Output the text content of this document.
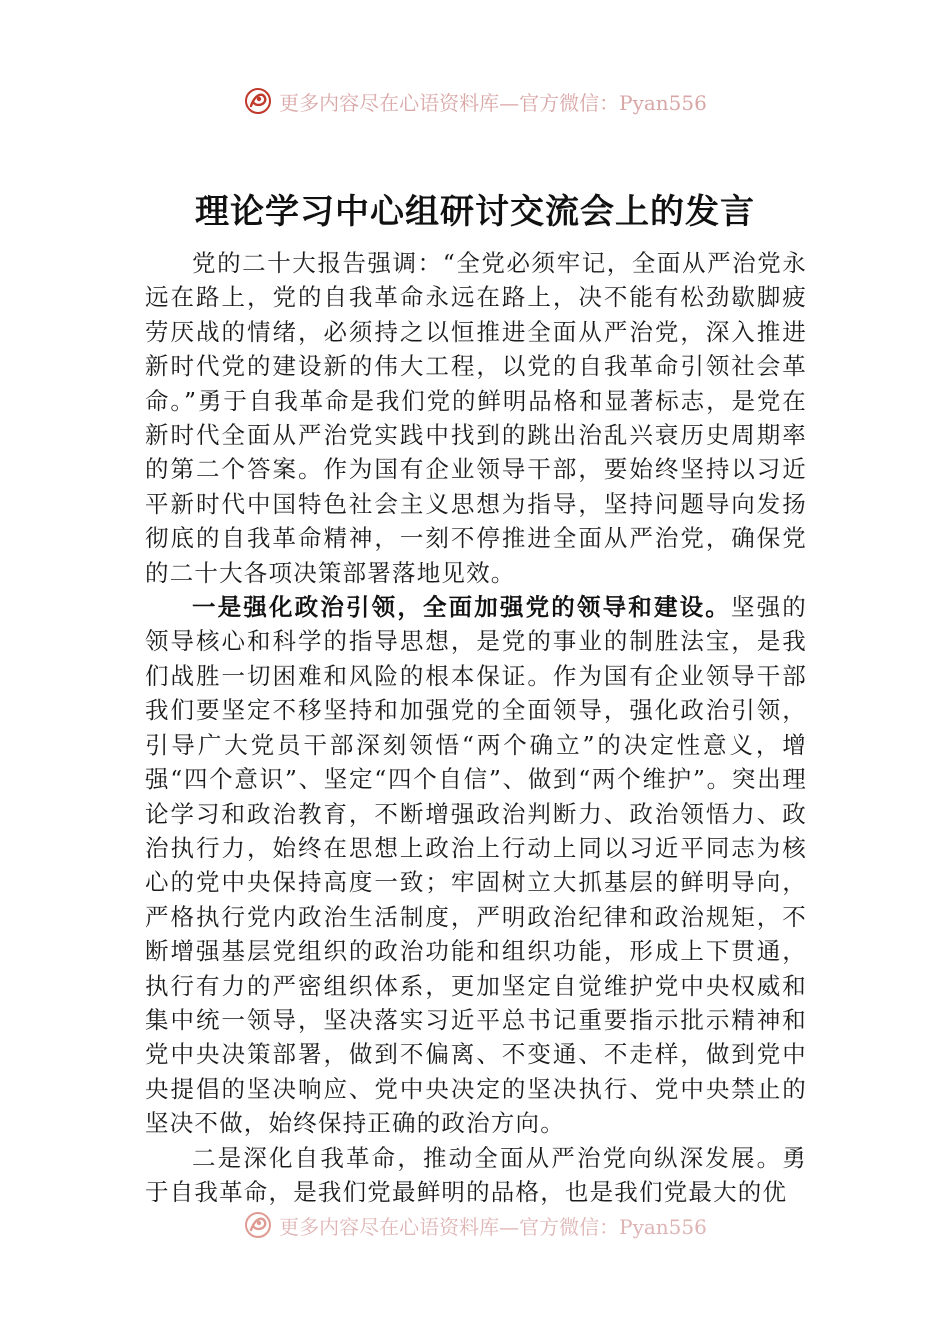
更多内容尽在心语资料库—官方微信：Pyan556
理论学习中心组研讨交流会上的发言

党的二十大报告强调：“全党必须牢记，全面从严治党永远在路上，党的自我革命永远在路上，决不能有松劲歇脚疲劳厌战的情绪，必须持之以恒推进全面从严治党，深入推进新时代党的建设新的伟大工程，以党的自我革命引领社会革命。”勇于自我革命是我们党的鲜明品格和显著标志，是党在新时代全面从严治党实践中找到的跳出治乱兴衰历史周期率的第二个答案。作为国有企业领导干部，要始终坚持以习近平新时代中国特色社会主义思想为指导，坚持问题导向发扬彻底的自我革命精神，一刻不停推进全面从严治党，确保党的二十大各项决策部署落地见效。

一是强化政治引领，全面加强党的领导和建设。坚强的领导核心和科学的指导思想，是党的事业的制胜法宝，是我们战胜一切困难和风险的根本保证。作为国有企业领导干部我们要坚定不移坚持和加强党的全面领导，强化政治引领，引导广大党员干部深刻领悟“两个确立”的决定性意义，增强“四个意识”、坚定“四个自信”、做到“两个维护”。突出理论学习和政治教育，不断增强政治判断力、政治领悟力、政治执行力，始终在思想上政治上行动上同以习近平同志为核心的党中央保持高度一致；牢固树立大抓基层的鲜明导向，严格执行党内政治生活制度，严明政治纪律和政治规矩，不断增强基层党组织的政治功能和组织功能，形成上下贯通，执行有力的严密组织体系，更加坚定自觉维护党中央权威和集中统一领导，坚决落实习近平总书记重要指示批示精神和党中央决策部署，做到不偏离、不变通、不走样，做到党中央提倡的坚决响应、党中央决定的坚决执行、党中央禁止的坚决不做，始终保持正确的政治方向。

二是深化自我革命，推动全面从严治党向纵深发展。勇于自我革命，是我们党最鲜明的品格，也是我们党最大的优

更多内容尽在心语资料库—官方微信：Pyan556
